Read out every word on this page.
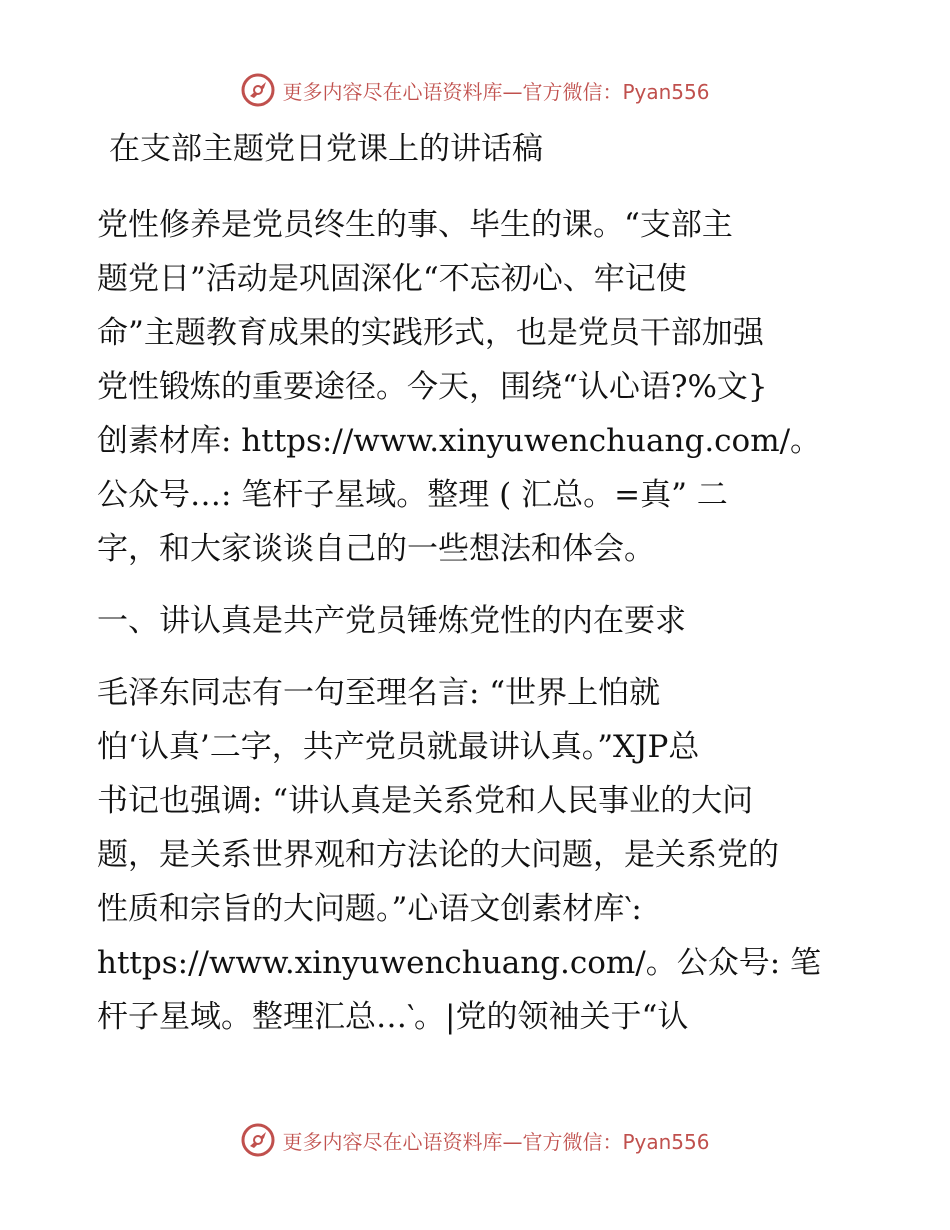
更多内容尽在心语资料库—官方微信：Pyan556

在支部主题党日党课上的讲话稿

党性修养是党员终生的事、毕生的课。“支部主
题党日”活动是巩固深化“不忘初心、牢记使
命”主题教育成果的实践形式，也是党员干部加强
党性锻炼的重要途径。今天，围绕“认心语?%文}
创素材库: https://www.xinyuwenchuang.com/。
公众号…: 笔杆子星域。整理 ( 汇总。=真” 二
字，和大家谈谈自己的一些想法和体会。

一、讲认真是共产党员锤炼党性的内在要求

毛泽东同志有一句至理名言: “世界上怕就
怕‘认真’二字，共产党员就最讲认真。”XJP总
书记也强调: “讲认真是关系党和人民事业的大问
题，是关系世界观和方法论的大问题，是关系党的
性质和宗旨的大问题。”心语文创素材库‵:
https://www.xinyuwenchuang.com/。公众号: 笔
杆子星域。整理汇总…‵。|党的领袖关于“认

更多内容尽在心语资料库—官方微信：Pyan556
